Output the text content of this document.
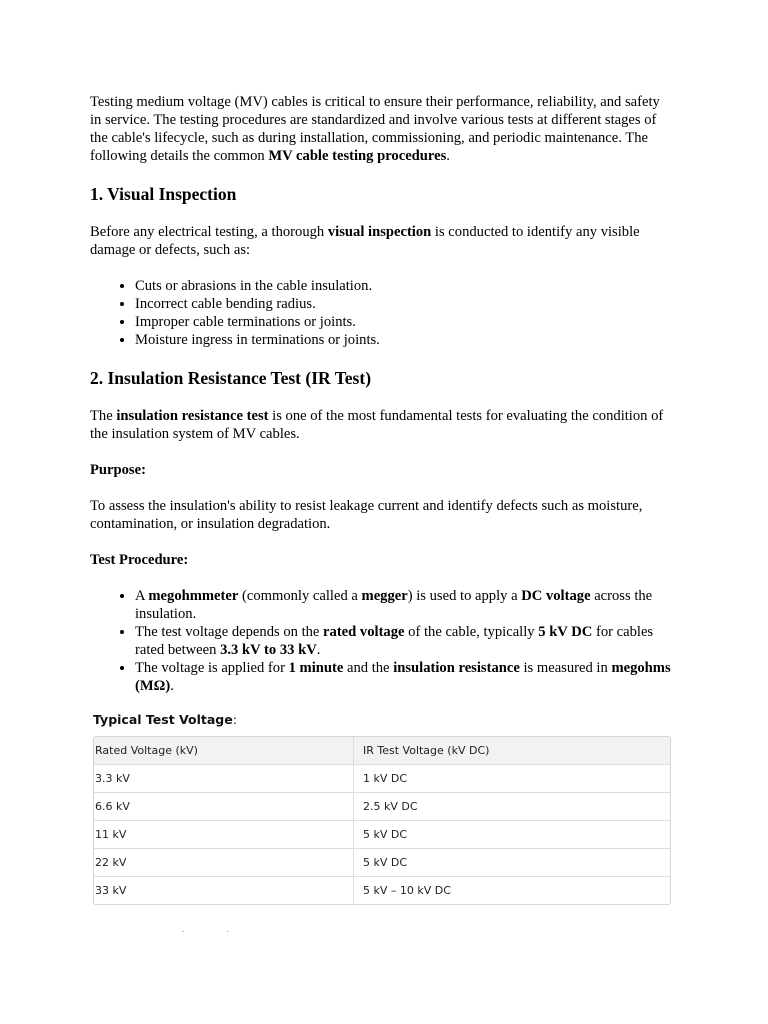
Testing medium voltage (MV) cables is critical to ensure their performance, reliability, and safety in service. The testing procedures are standardized and involve various tests at different stages of the cable's lifecycle, such as during installation, commissioning, and periodic maintenance. The following details the common MV cable testing procedures.

1. Visual Inspection

Before any electrical testing, a thorough visual inspection is conducted to identify any visible damage or defects, such as:

• Cuts or abrasions in the cable insulation.
• Incorrect cable bending radius.
• Improper cable terminations or joints.
• Moisture ingress in terminations or joints.
2. Insulation Resistance Test (IR Test)

The insulation resistance test is one of the most fundamental tests for evaluating the condition of the insulation system of MV cables.

Purpose:

To assess the insulation's ability to resist leakage current and identify defects such as moisture, contamination, or insulation degradation.

Test Procedure:

• A megohmmeter (commonly called a megger) is used to apply a DC voltage across the insulation.
• The test voltage depends on the rated voltage of the cable, typically 5 kV DC for cables rated between 3.3 kV to 33 kV.
• The voltage is applied for 1 minute and the insulation resistance is measured in megohms (MΩ).
Typical Test Voltage:
Rated Voltage (kV)	IR Test Voltage (kV DC)
3.3 kV	1 kV DC
6.6 kV	2.5 kV DC
11 kV	5 kV DC
22 kV	5 kV DC
33 kV	5 kV – 10 kV DC
. .
